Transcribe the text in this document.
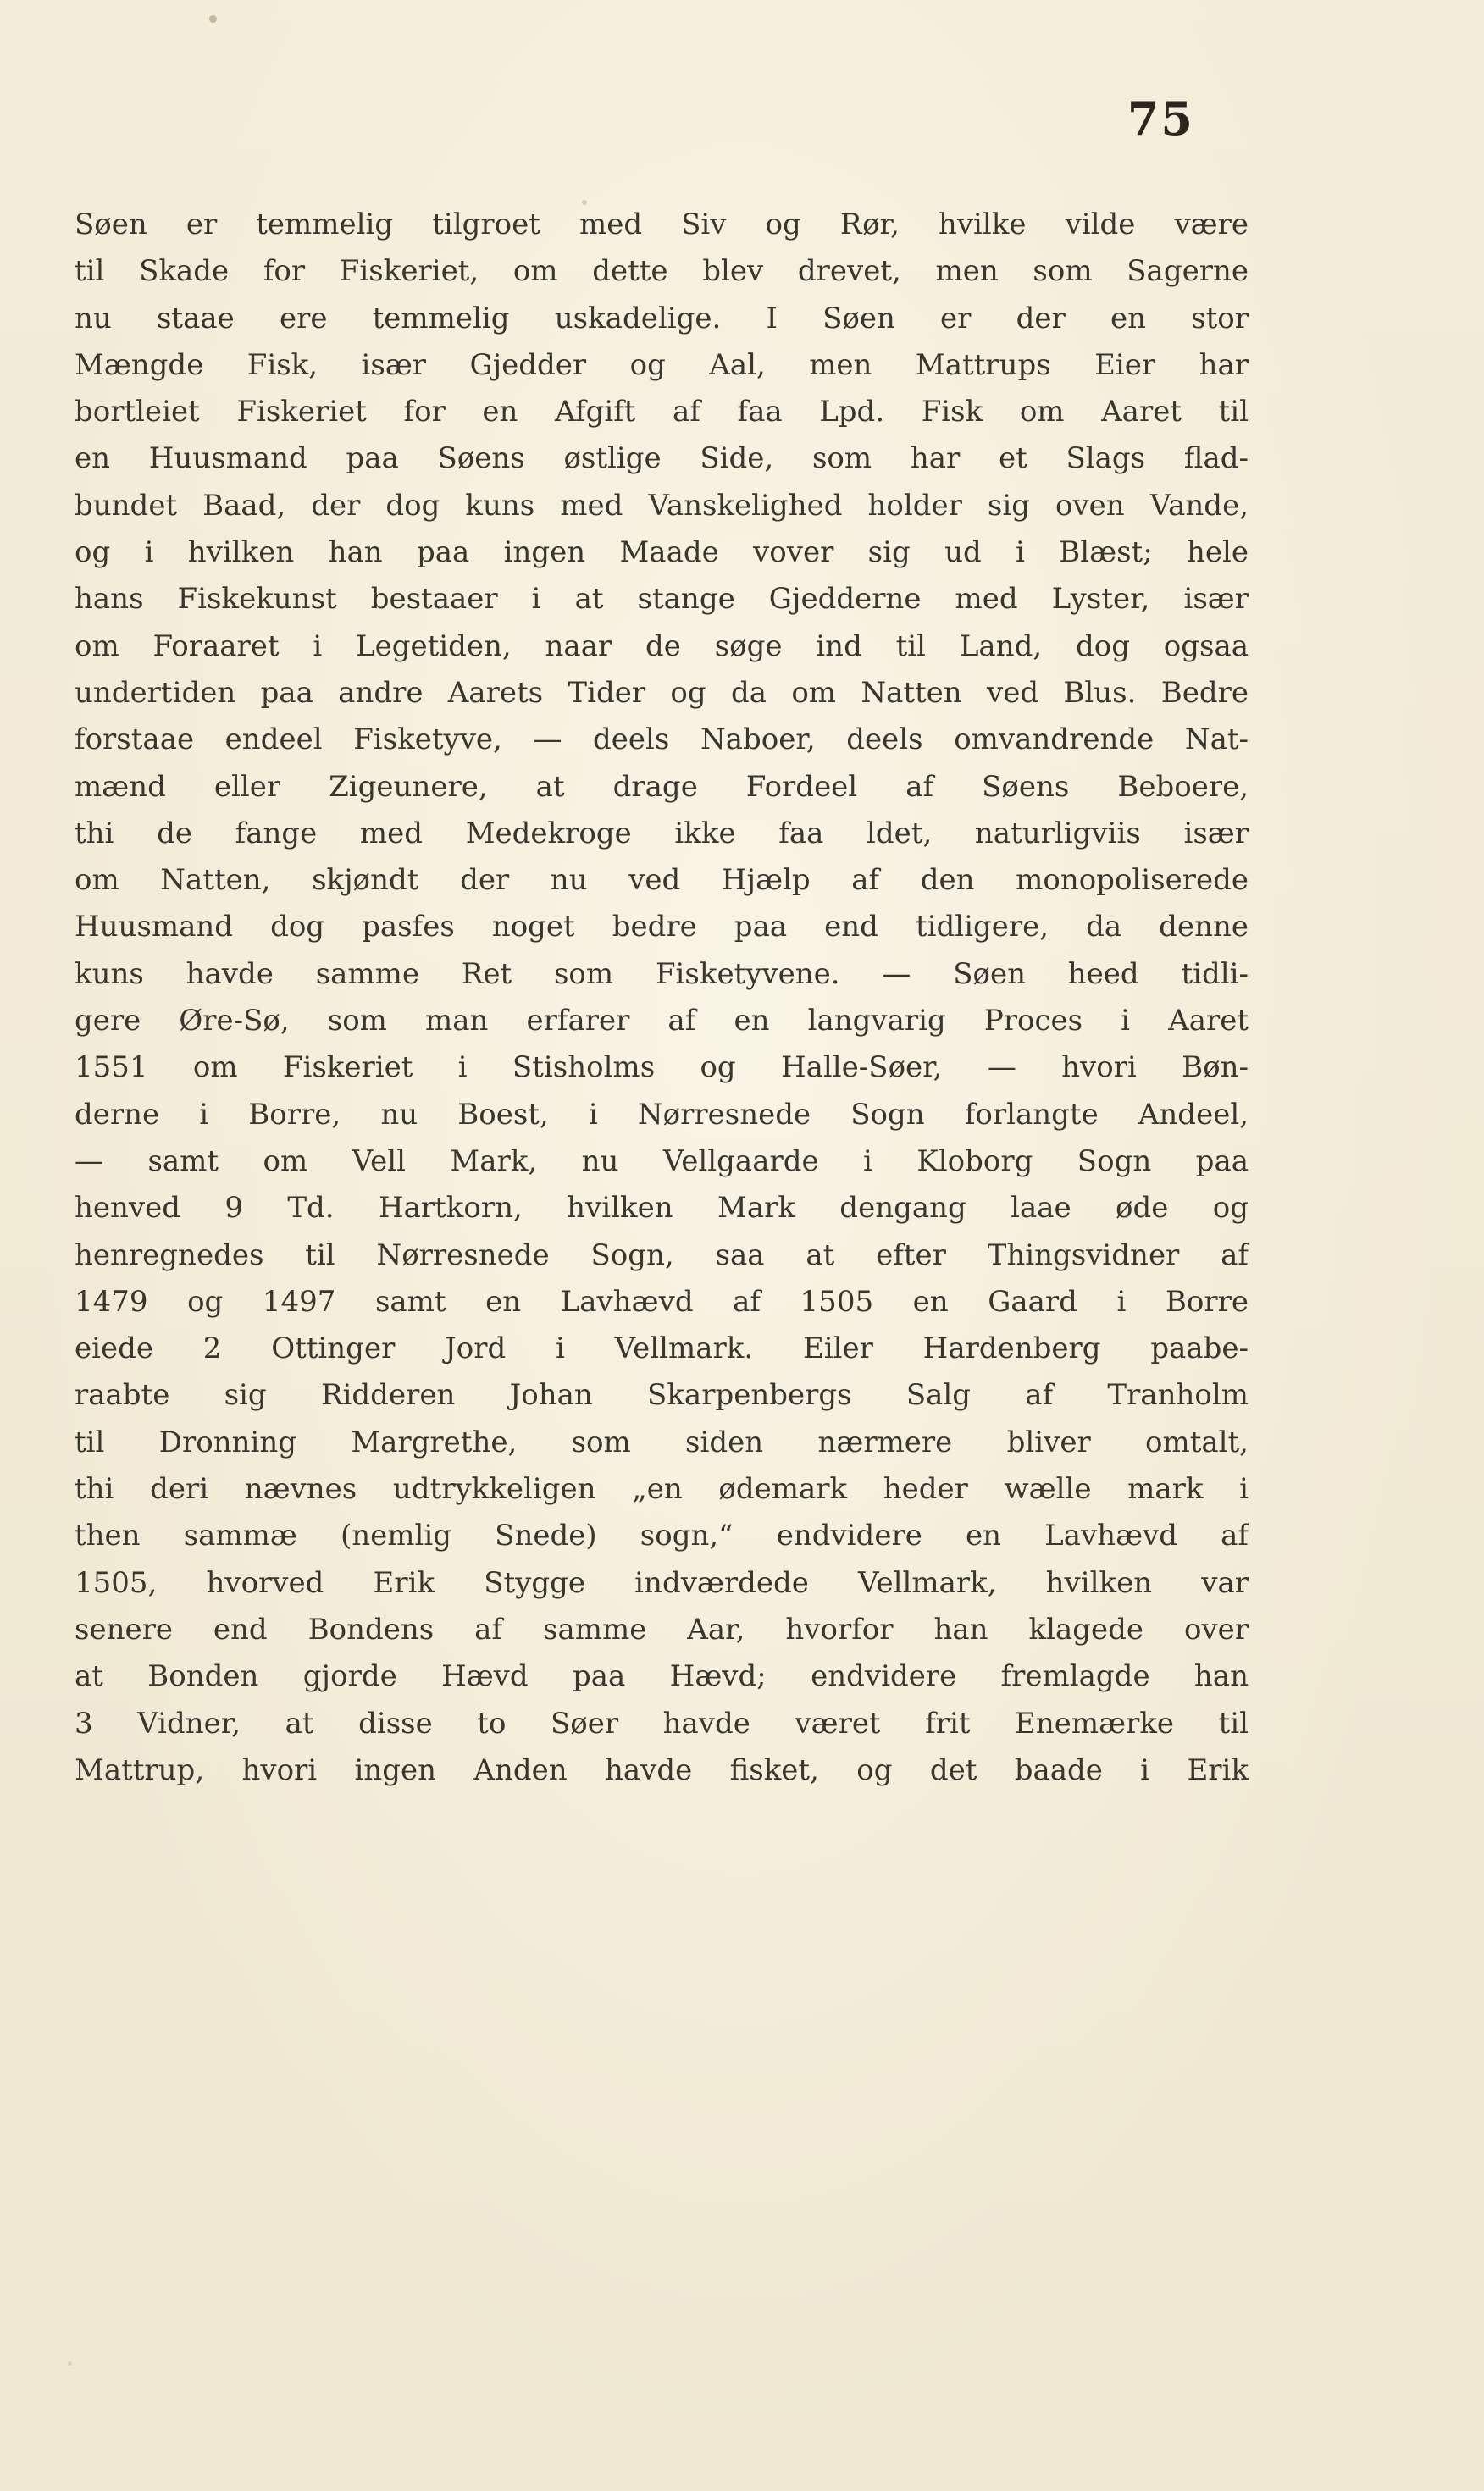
75
Søen er temmelig tilgroet med Siv og Rør, hvilke vilde være
til Skade for Fiskeriet, om dette blev drevet, men som Sagerne
nu staae ere temmelig uskadelige. I Søen er der en stor
Mængde Fisk, især Gjedder og Aal, men Mattrups Eier har
bortleiet Fiskeriet for en Afgift af faa Lpd. Fisk om Aaret til
en Huusmand paa Søens østlige Side, som har et Slags flad-
bundet Baad, der dog kuns med Vanskelighed holder sig oven Vande,
og i hvilken han paa ingen Maade vover sig ud i Blæst; hele
hans Fiskekunst bestaaer i at stange Gjedderne med Lyster, især
om Foraaret i Legetiden, naar de søge ind til Land, dog ogsaa
undertiden paa andre Aarets Tider og da om Natten ved Blus. Bedre
forstaae endeel Fisketyve, — deels Naboer, deels omvandrende Nat-
mænd eller Zigeunere, at drage Fordeel af Søens Beboere,
thi de fange med Medekroge ikke faa ldet, naturligviis især
om Natten, skjøndt der nu ved Hjælp af den monopoliserede
Huusmand dog pasfes noget bedre paa end tidligere, da denne
kuns havde samme Ret som Fisketyvene. — Søen heed tidli-
gere Øre-Sø, som man erfarer af en langvarig Proces i Aaret
1551 om Fiskeriet i Stisholms og Halle-Søer, — hvori Bøn-
derne i Borre, nu Boest, i Nørresnede Sogn forlangte Andeel,
— samt om Vell Mark, nu Vellgaarde i Kloborg Sogn paa
henved 9 Td. Hartkorn, hvilken Mark dengang laae øde og
henregnedes til Nørresnede Sogn, saa at efter Thingsvidner af
1479 og 1497 samt en Lavhævd af 1505 en Gaard i Borre
eiede 2 Ottinger Jord i Vellmark. Eiler Hardenberg paabe-
raabte sig Ridderen Johan Skarpenbergs Salg af Tranholm
til Dronning Margrethe, som siden nærmere bliver omtalt,
thi deri nævnes udtrykkeligen „en ødemark heder wælle mark i
then sammæ (nemlig Snede) sogn,“ endvidere en Lavhævd af
1505, hvorved Erik Stygge indværdede Vellmark, hvilken var
senere end Bondens af samme Aar, hvorfor han klagede over
at Bonden gjorde Hævd paa Hævd; endvidere fremlagde han
3 Vidner, at disse to Søer havde været frit Enemærke til
Mattrup, hvori ingen Anden havde fisket, og det baade i Erik
